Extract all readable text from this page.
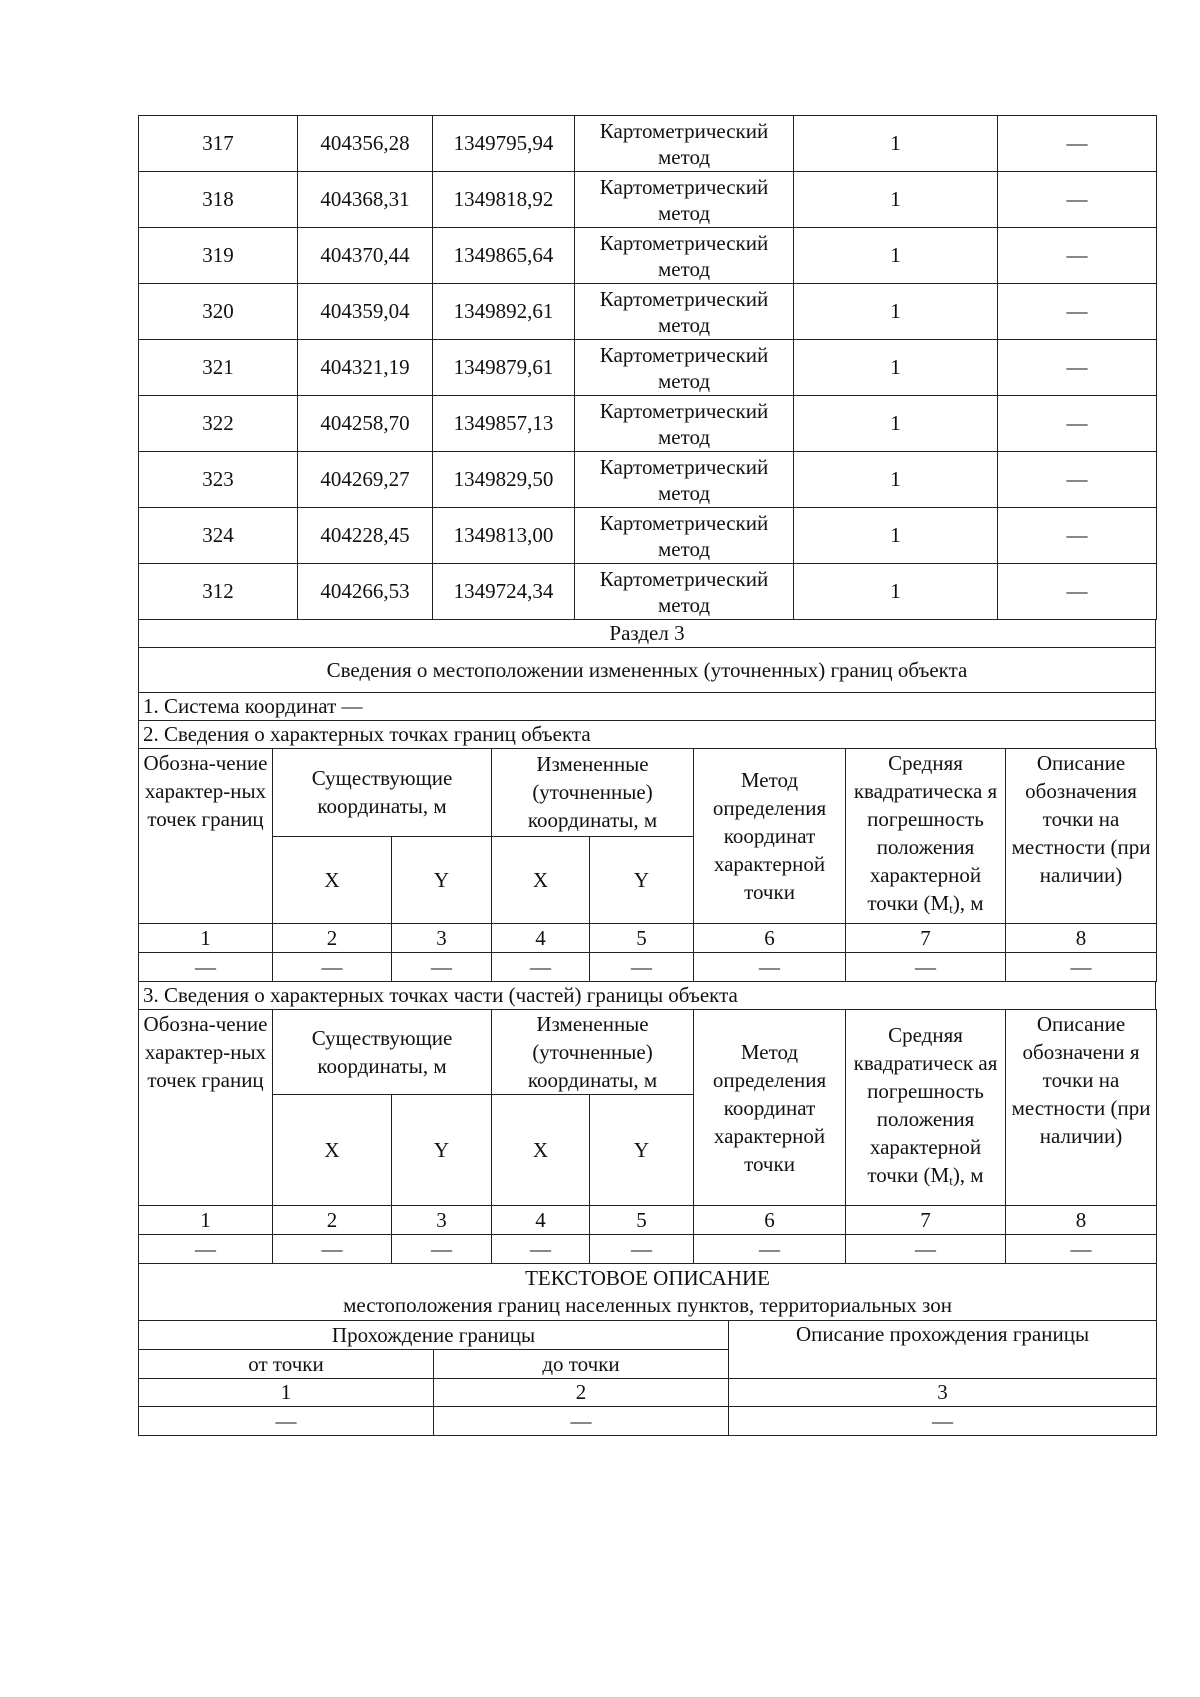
317	404356,28	1349795,94	Картометрический метод	1	—
318	404368,31	1349818,92	Картометрический метод	1	—
319	404370,44	1349865,64	Картометрический метод	1	—
320	404359,04	1349892,61	Картометрический метод	1	—
321	404321,19	1349879,61	Картометрический метод	1	—
322	404258,70	1349857,13	Картометрический метод	1	—
323	404269,27	1349829,50	Картометрический метод	1	—
324	404228,45	1349813,00	Картометрический метод	1	—
312	404266,53	1349724,34	Картометрический метод	1	—
Раздел 3
Сведения о местоположении измененных (уточненных) границ объекта
1. Система координат —
2. Сведения о характерных точках границ объекта
Обозна-чение характер-ных точек границ	Существующие координаты, м		Измененные (уточненные) координаты, м		Метод определения координат характерной точки	Средняя квадратическа я погрешность положения характерной точки $(M_t)$, м	Описание обозначения точки на местности (при наличии)
	X	Y	X	Y			
1	2	3	4	5	6	7	8
—	—	—	—	—	—	—	—
3. Сведения о характерных точках части (частей) границы объекта
Обозна-чение характер-ных точек границ	Существующие координаты, м		Измененные (уточненные) координаты, м		Метод определения координат характерной точки	Средняя квадратическ ая погрешность положения характерной точки $(M_t)$, м	Описание обозначени я точки на местности (при наличии)
	X	Y	X	Y			
1	2	3	4	5	6	7	8
—	—	—	—	—	—	—	—
ТЕКСТОВОЕ ОПИСАНИЕ
местоположения границ населенных пунктов, территориальных зон		

Прохождение границы		Описание прохождения границы
от точки	до точки	
1	2	3
—	—	—
